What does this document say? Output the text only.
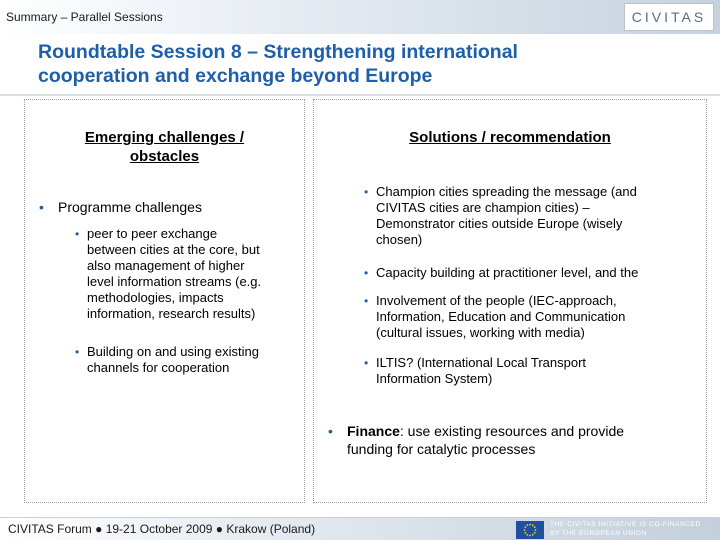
Summary – Parallel Sessions	CIVITAS
Roundtable Session 8 – Strengthening international
cooperation and exchange beyond Europe
Emerging challenges /
obstacles
• Programme challenges
• peer to peer exchange
between cities at the core, but
also management of higher
level information streams (e.g.
methodologies, impacts
information, research results)
• Building on and using existing
channels for cooperation
Solutions / recommendation
• Champion cities spreading the message (and
CIVITAS cities are champion cities) –
Demonstrator cities outside Europe (wisely
chosen)
• Capacity building at practitioner level, and the
• Involvement of the people (IEC-approach,
Information, Education and Communication
(cultural issues, working with media)
• ILTIS? (International Local Transport
Information System)
• Finance: use existing resources and provide
funding for catalytic processes
CIVITAS Forum ● 19-21 October 2009 ● Krakow (Poland)	THE CIVITAS INITIATIVE IS CO-FINANCED
BY THE EUROPEAN UNION
